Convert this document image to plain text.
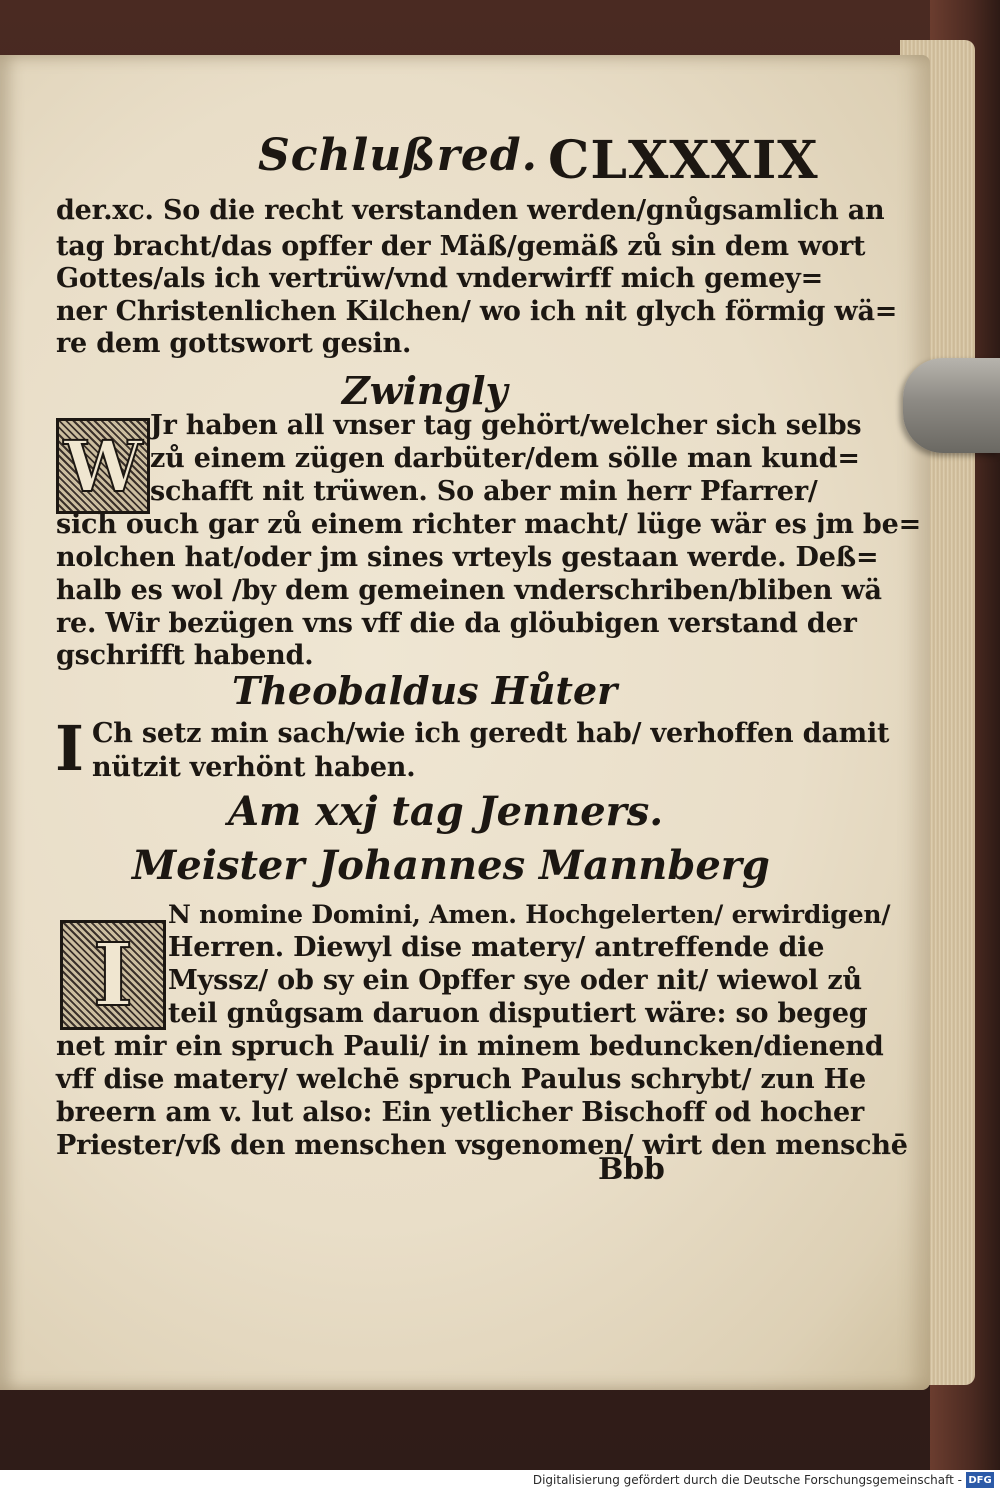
Schlußred. CLXXXIX
der.xc. So die recht verstanden werden/gnůgsamlich an
tag bracht/das opffer der Mäß/gemäß zů sin dem wort
Gottes/als ich vertrüw/vnd vnderwirff mich gemey=
ner Christenlichen Kilchen/ wo ich nit glych förmig wä=
re dem gottswort gesin.
Zwingly
W Jr haben all vnser tag gehört/welcher sich selbs
zů einem zügen darbüter/dem sölle man kund=
schafft nit trüwen. So aber min herr Pfarrer/
sich ouch gar zů einem richter macht/ lüge wär es jm be=
nolchen hat/oder jm sines vrteyls gestaan werde. Deß=
halb es wol /by dem gemeinen vnderschriben/bliben wä
re. Wir bezügen vns vff die da glöubigen verstand der
gschrifft habend.
Theobaldus Hůter
I Ch setz min sach/wie ich geredt hab/ verhoffen damit
nützit verhönt haben.
Am xxj tag Jenners.
Meister Johannes Mannberg
I
N nomine Domini, Amen. Hochgelerten/ erwirdigen/
Herren. Diewyl dise matery/ antreffende die
Myssz/ ob sy ein Opffer sye oder nit/ wiewol zů
teil gnůgsam daruon disputiert wäre: so begeg
net mir ein spruch Pauli/ in minem beduncken/dienend
vff dise matery/ welchē spruch Paulus schrybt/ zun He
breern am v. lut also: Ein yetlicher Bischoff od hocher
Priester/vß den menschen vsgenomen/ wirt den menschē
Bbb
Digitalisierung gefördert durch die Deutsche Forschungsgemeinschaft - DFG
